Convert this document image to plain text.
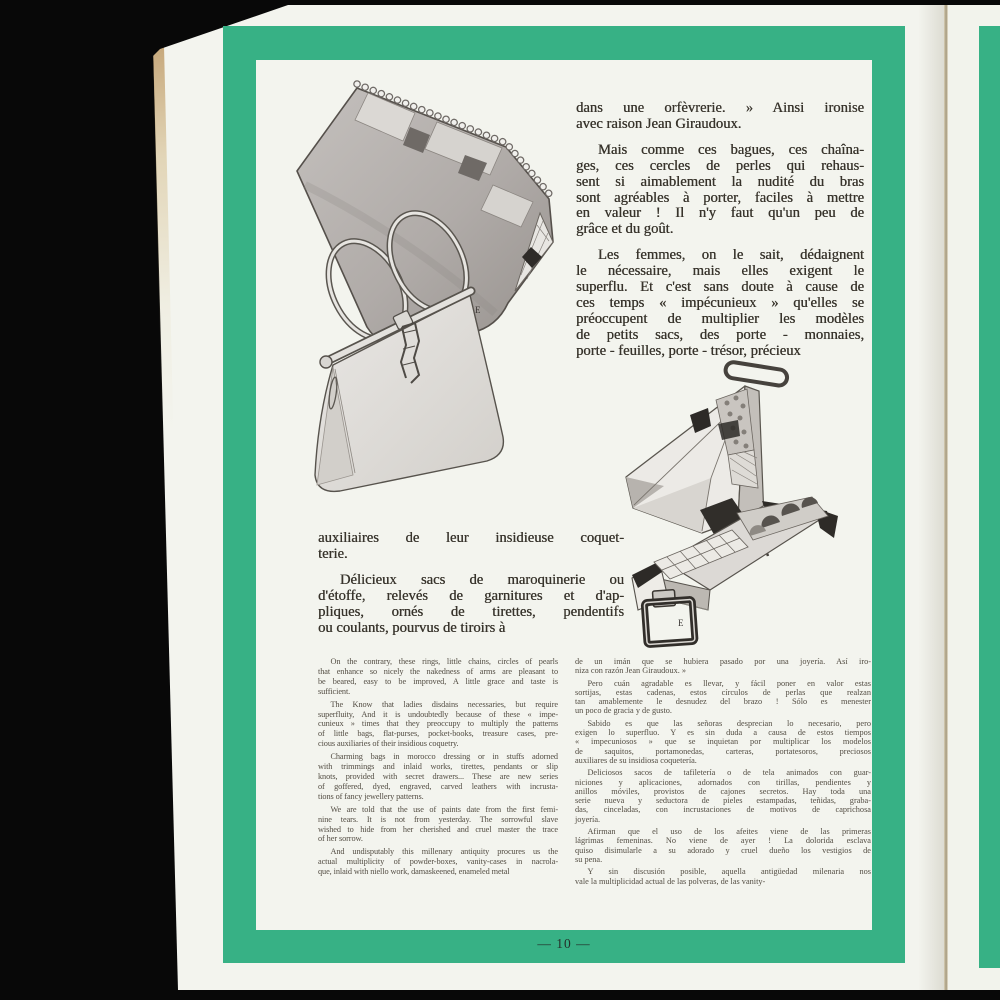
— 10 —
E
E
dans une orfèvrerie. » Ainsi ironise
avec raison Jean Giraudoux.
Mais comme ces bagues, ces chaîna-
ges, ces cercles de perles qui rehaus-
sent si aimablement la nudité du bras
sont agréables à porter, faciles à mettre
en valeur ! Il n'y faut qu'un peu de
grâce et du goût.
Les femmes, on le sait, dédaignent
le nécessaire, mais elles exigent le
superflu. Et c'est sans doute à cause de
ces temps « impécunieux » qu'elles se
préoccupent de multiplier les modèles
de petits sacs, des porte - monnaies,
porte - feuilles, porte - trésor, précieux
auxiliaires de leur insidieuse coquet-
terie.
Délicieux sacs de maroquinerie ou
d'étoffe, relevés de garnitures et d'ap-
pliques, ornés de tirettes, pendentifs
ou coulants, pourvus de tiroirs à
On the contrary, these rings, little chains, circles of pearls
that enhance so nicely the nakedness of arms are pleasant to
be beared, easy to be improved, A little grace and taste is
sufficient.
The Know that ladies disdains necessaries, but require
superfluity, And it is undoubtedly because of these « impe-
cunieux » times that they preoccupy to multiply the patterns
of little bags, flat-purses, pocket-books, treasure cases, pre-
cious auxiliaries of their insidious coquetry.
Charming bags in morocco dressing or in stuffs adorned
with trimmings and inlaid works, tirettes, pendants or slip
knots, provided with secret drawers... These are new series
of goffered, dyed, engraved, carved leathers with incrusta-
tions of fancy jewellery patterns.
We are told that the use of paints date from the first femi-
nine tears. It is not from yesterday. The sorrowful slave
wished to hide from her cherished and cruel master the trace
of her sorrow.
And undisputably this millenary antiquity procures us the
actual multiplicity of powder-boxes, vanity-cases in nacrola-
que, inlaid with niello work, damaskeened, enameled metal
de un imán que se hubiera pasado por una joyería. Así iro-
niza con razón Jean Giraudoux. »
Pero cuán agradable es llevar, y fácil poner en valor estas
sortijas, estas cadenas, estos círculos de perlas que realzan
tan amablemente le desnudez del brazo ! Sólo es menester
un poco de gracia y de gusto.
Sabido es que las señoras desprecian lo necesario, pero
exigen lo superfluo. Y es sin duda a causa de estos tiempos
« impecuniosos » que se inquietan por multiplicar los modelos
de saquitos, portamonedas, carteras, portatesoros, preciosos
auxiliares de su insidiosa coquetería.
Deliciosos sacos de tafiletería o de tela animados con guar-
niciones y aplicaciones, adornados con tirillas, pendientes y
anillos móviles, provistos de cajones secretos. Hay toda una
serie nueva y seductora de pieles estampadas, teñidas, graba-
das, cinceladas, con incrustaciones de motivos de caprichosa
joyería.
Afirman que el uso de los afeites viene de las primeras
lágrimas femeninas. No viene de ayer ! La dolorida esclava
quiso disimularle a su adorado y cruel dueño los vestigios de
su pena.
Y sin discusión posible, aquella antigüedad milenaria nos
vale la multiplicidad actual de las polveras, de las vanity-
